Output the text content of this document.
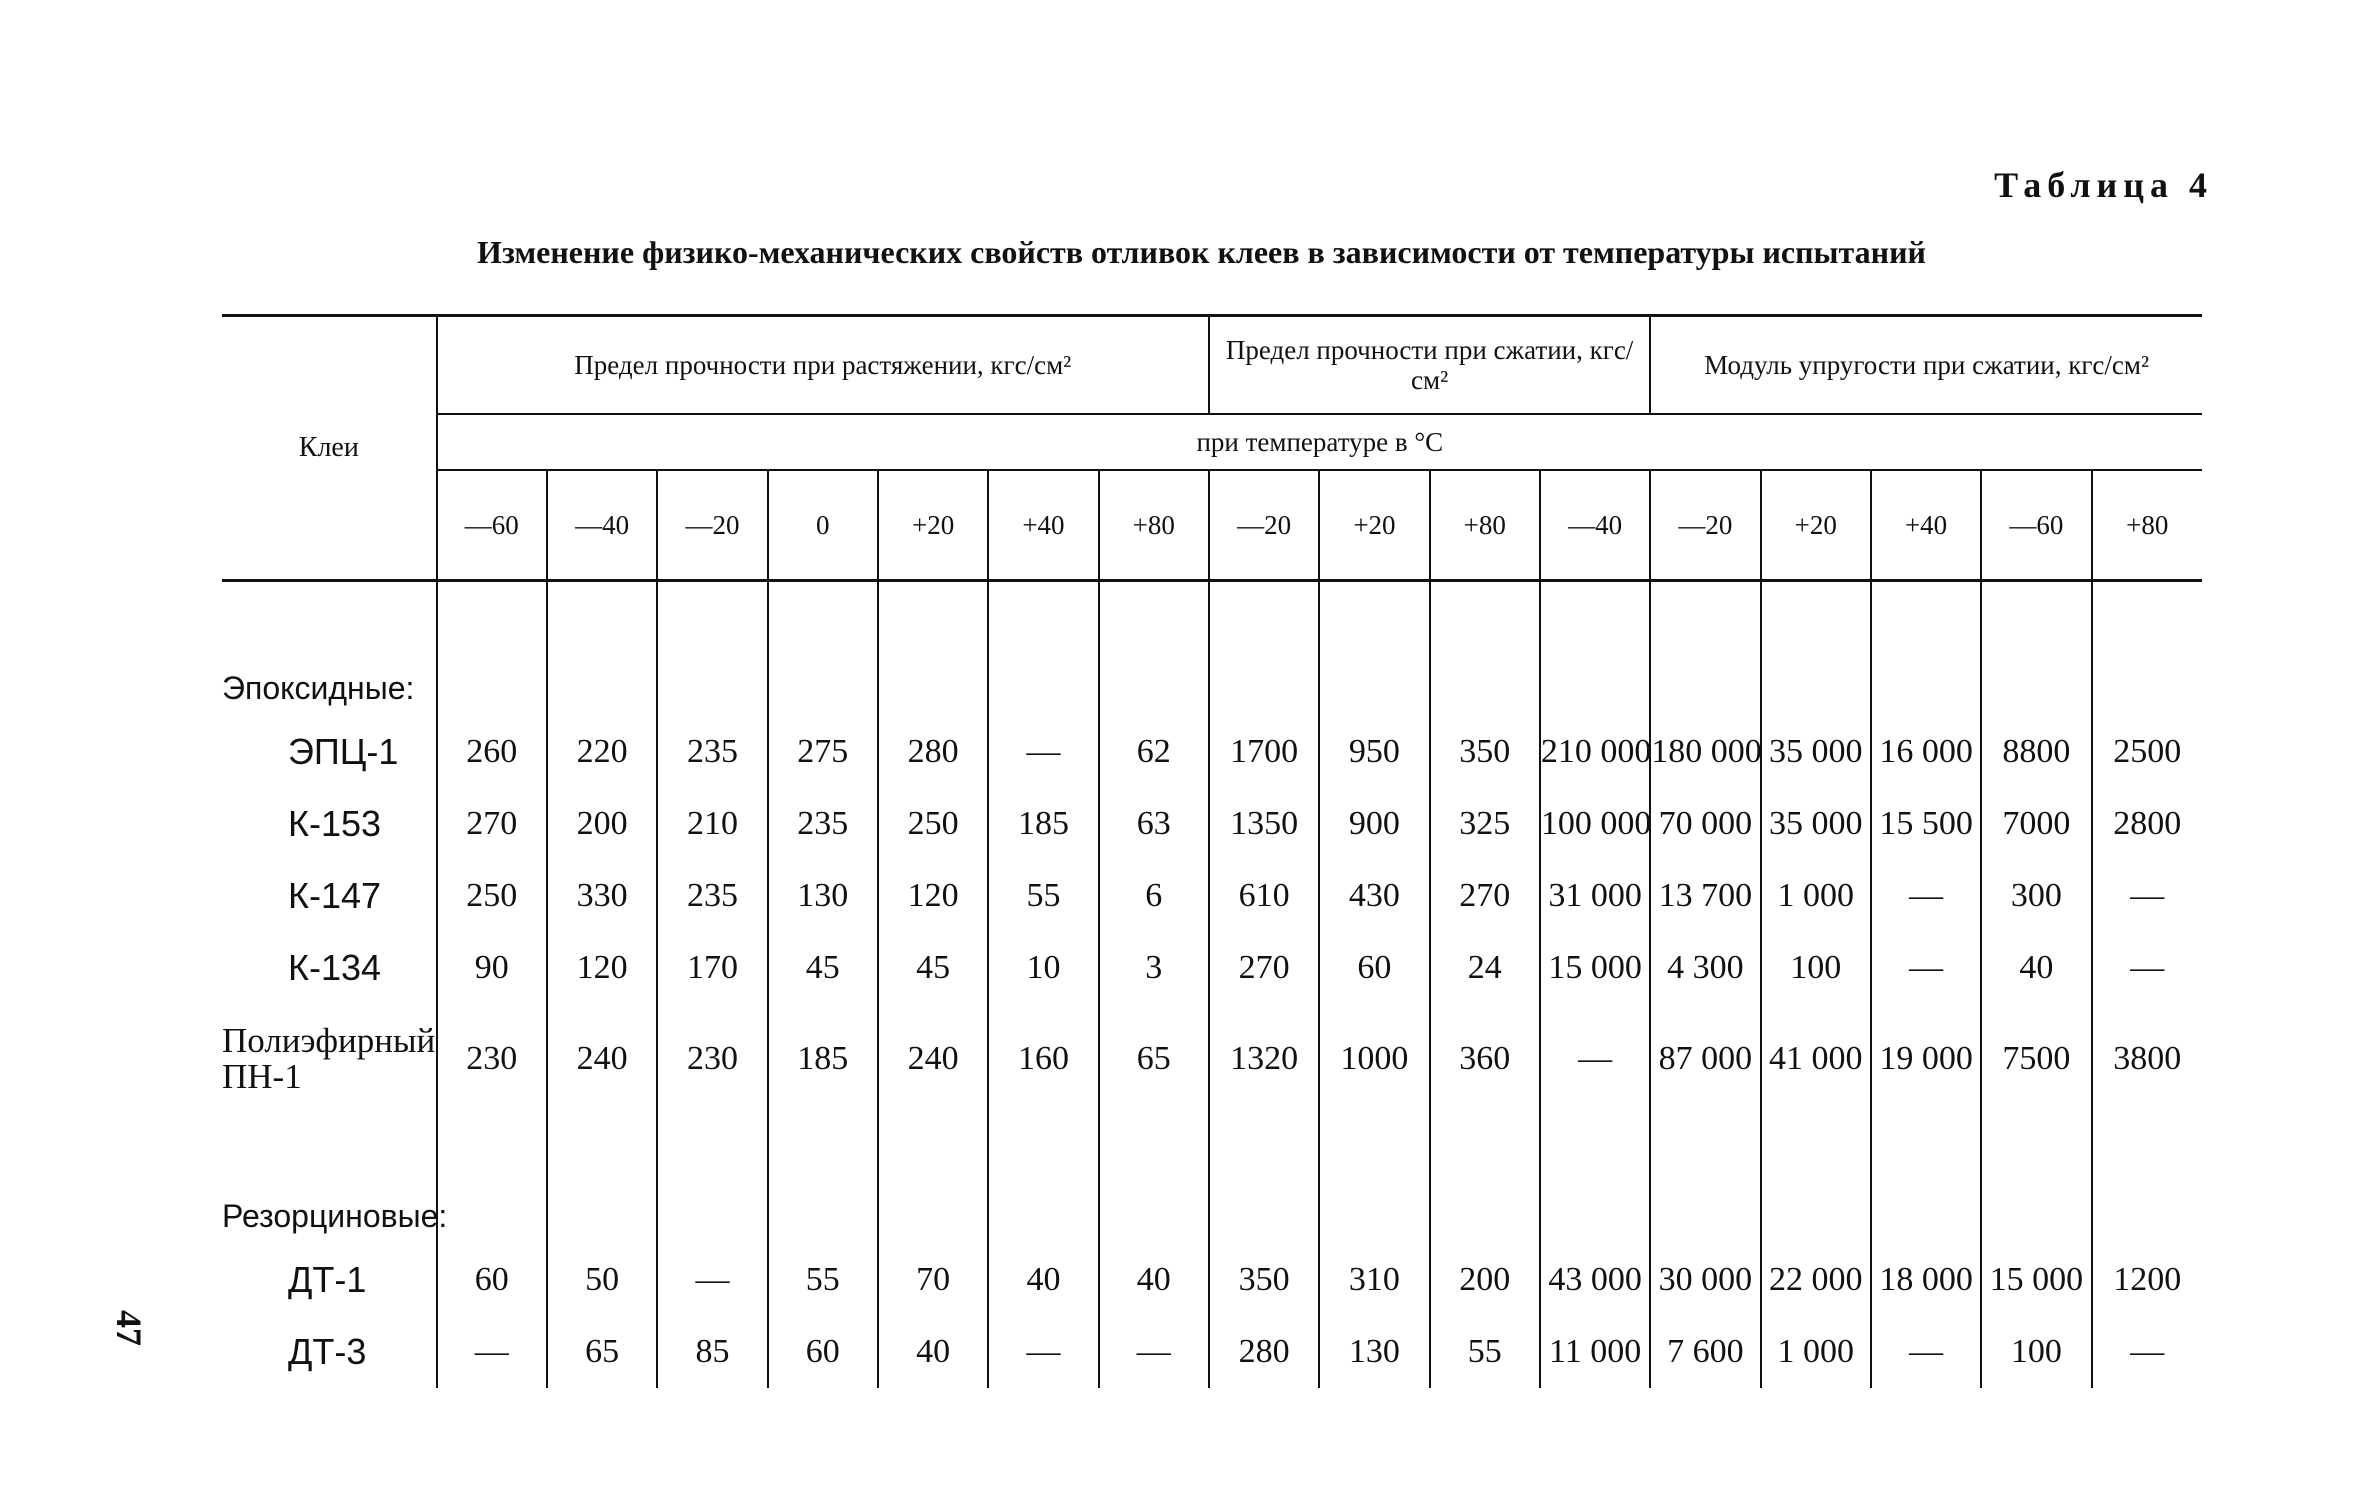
Таблица 4
Изменение физико-механических свойств отливок клеев в зависимости от температуры испытаний
47
Клеи	Предел прочности при растяжении, кгс/см²							Предел прочности при сжатии, кгс/см²				Модуль упругости при сжатии, кгс/см²				
	при температуре в °С															
	—60	—40	—20	0	+20	+40	+80	—20	+20	+80	—40	—20	+20	+40	—60	+80

Эпоксидные:																
ЭПЦ-1	260	220	235	275	280	—	62	1700	950	350	210 000	180 000	35 000	16 000	8800	2500
К-153	270	200	210	235	250	185	63	1350	900	325	100 000	70 000	35 000	15 500	7000	2800
К-147	250	330	235	130	120	55	6	610	430	270	31 000	13 700	1 000	—	300	—
К-134	90	120	170	45	45	10	3	270	60	24	15 000	4 300	100	—	40	—
Полиэфирный ПН-1	230	240	230	185	240	160	65	1320	1000	360	—	87 000	41 000	19 000	7500	3800
Резорциновые:																
ДТ-1	60	50	—	55	70	40	40	350	310	200	43 000	30 000	22 000	18 000	15 000	1200
ДТ-3	—	65	85	60	40	—	—	280	130	55	11 000	7 600	1 000	—	100	—
